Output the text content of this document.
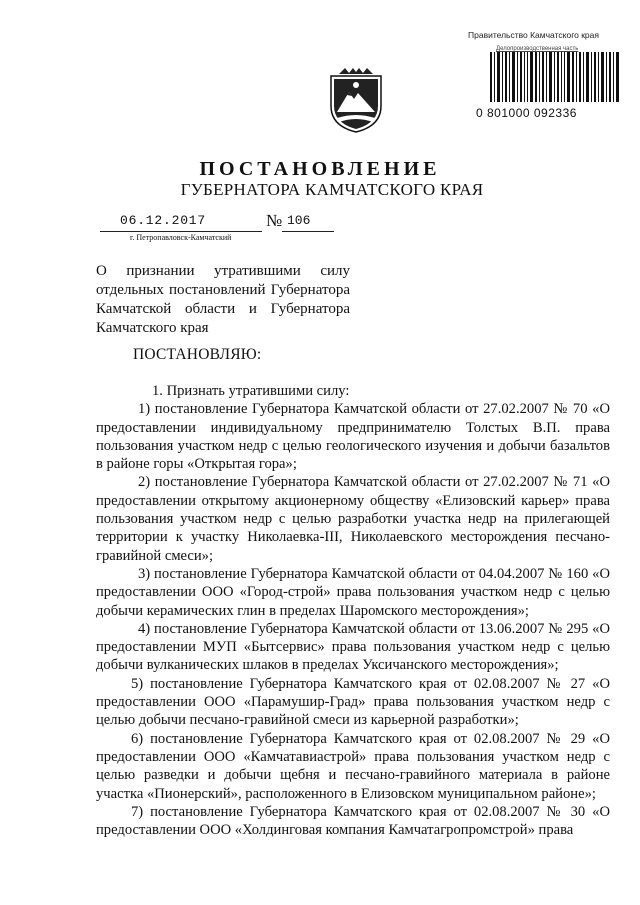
Правительство Камчатского края
Делопроизводственная часть
0 801000 092336
ПОСТАНОВЛЕНИЕ
ГУБЕРНАТОРА КАМЧАТСКОГО КРАЯ
06.12.2017	№ 106
г. Петропавловск-Камчатский
О признании утратившими силу отдельных постановлений Губернатора Камчатской области и Губернатора Камчатского края
ПОСТАНОВЛЯЮ:

1. Признать утратившими силу:

1) постановление Губернатора Камчатской области от 27.02.2007 № 70 «О предоставлении индивидуальному предпринимателю Толстых В.П. права пользования участком недр с целью геологического изучения и добычи базальтов в районе горы «Открытая гора»;

2) постановление Губернатора Камчатской области от 27.02.2007 № 71 «О предоставлении открытому акционерному обществу «Елизовский карьер» права пользования участком недр с целью разработки участка недр на прилегающей территории к участку Николаевка-III, Николаевского месторождения песчано-гравийной смеси»;

3) постановление Губернатора Камчатской области от 04.04.2007 № 160 «О предоставлении ООО «Город-строй» права пользования участком недр с целью добычи керамических глин в пределах Шаромского месторождения»;

4) постановление Губернатора Камчатской области от 13.06.2007 № 295 «О предоставлении МУП «Бытсервис» права пользования участком недр с целью добычи вулканических шлаков в пределах Уксичанского месторождения»;

5) постановление Губернатора Камчатского края от 02.08.2007 № 27 «О предоставлении ООО «Парамушир-Град» права пользования участком недр с целью добычи песчано-гравийной смеси из карьерной разработки»;

6) постановление Губернатора Камчатского края от 02.08.2007 № 29 «О предоставлении ООО «Камчатавиастрой» права пользования участком недр с целью разведки и добычи щебня и песчано-гравийного материала в районе участка «Пионерский», расположенного в Елизовском муниципальном районе»;

7) постановление Губернатора Камчатского края от 02.08.2007 № 30 «О предоставлении ООО «Холдинговая компания Камчатагропромстрой» права
